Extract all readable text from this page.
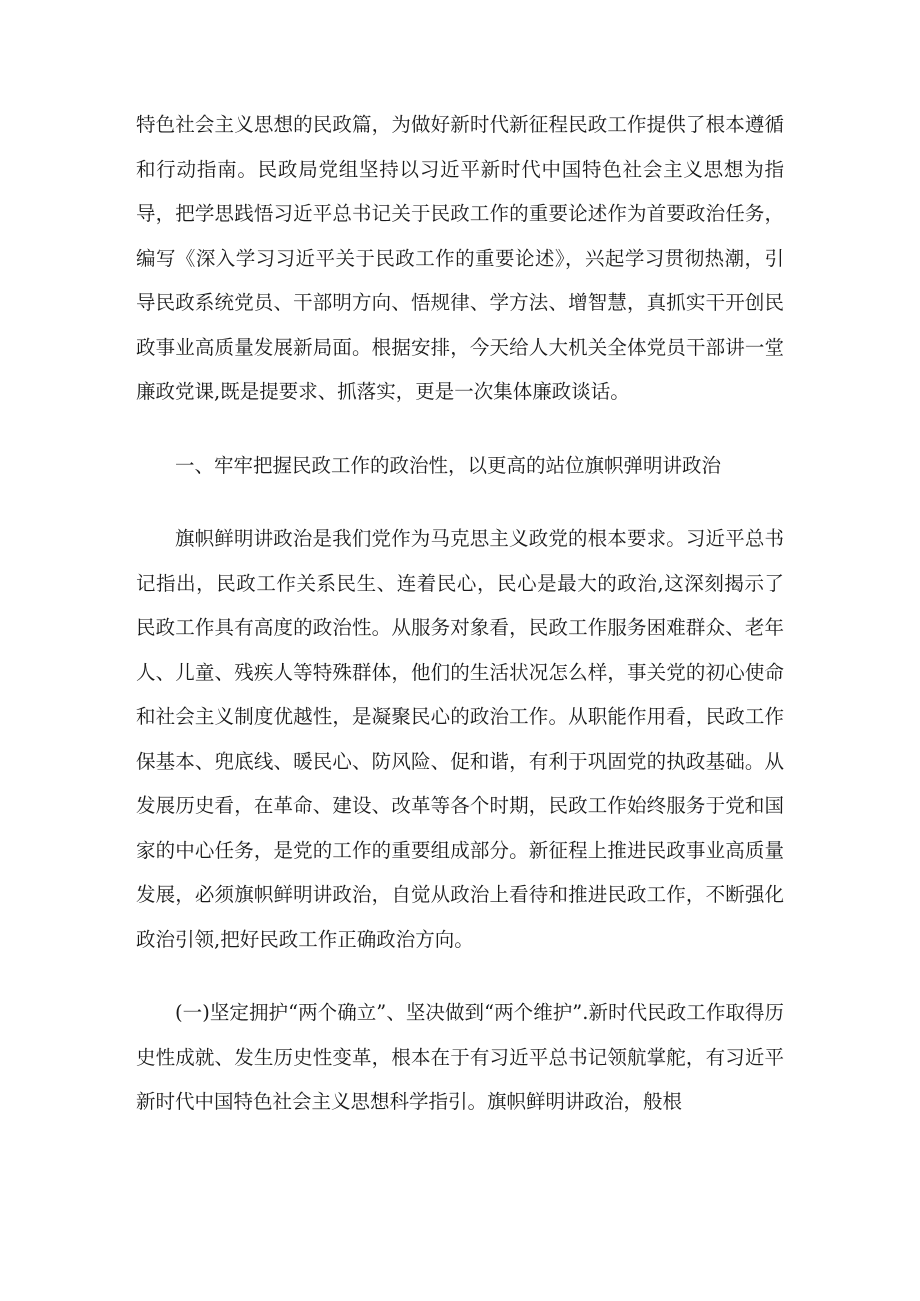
特色社会主义思想的民政篇，为做好新时代新征程民政工作提供了根本遵循和行动指南。民政局党组坚持以习近平新时代中国特色社会主义思想为指导，把学思践悟习近平总书记关于民政工作的重要论述作为首要政治任务，编写《深入学习习近平关于民政工作的重要论述》，兴起学习贯彻热潮，引导民政系统党员、干部明方向、悟规律、学方法、增智慧，真抓实干开创民政事业高质量发展新局面。根据安排，今天给人大机关全体党员干部讲一堂廉政党课,既是提要求、抓落实，更是一次集体廉政谈话。

一、牢牢把握民政工作的政治性，以更高的站位旗帜弹明讲政治

旗帜鲜明讲政治是我们党作为马克思主义政党的根本要求。习近平总书记指出，民政工作关系民生、连着民心，民心是最大的政治,这深刻揭示了民政工作具有高度的政治性。从服务对象看，民政工作服务困难群众、老年人、儿童、残疾人等特殊群体，他们的生活状况怎么样，事关党的初心使命和社会主义制度优越性，是凝聚民心的政治工作。从职能作用看，民政工作保基本、兜底线、暖民心、防风险、促和谐，有利于巩固党的执政基础。从发展历史看，在革命、建设、改革等各个时期，民政工作始终服务于党和国家的中心任务，是党的工作的重要组成部分。新征程上推进民政事业高质量发展，必须旗帜鲜明讲政治，自觉从政治上看待和推进民政工作，不断强化政治引领,把好民政工作正确政治方向。

(一)坚定拥护“两个确立”、坚决做到“两个维护”.新时代民政工作取得历史性成就、发生历史性变革，根本在于有习近平总书记领航掌舵，有习近平新时代中国特色社会主义思想科学指引。旗帜鲜明讲政治，般根
